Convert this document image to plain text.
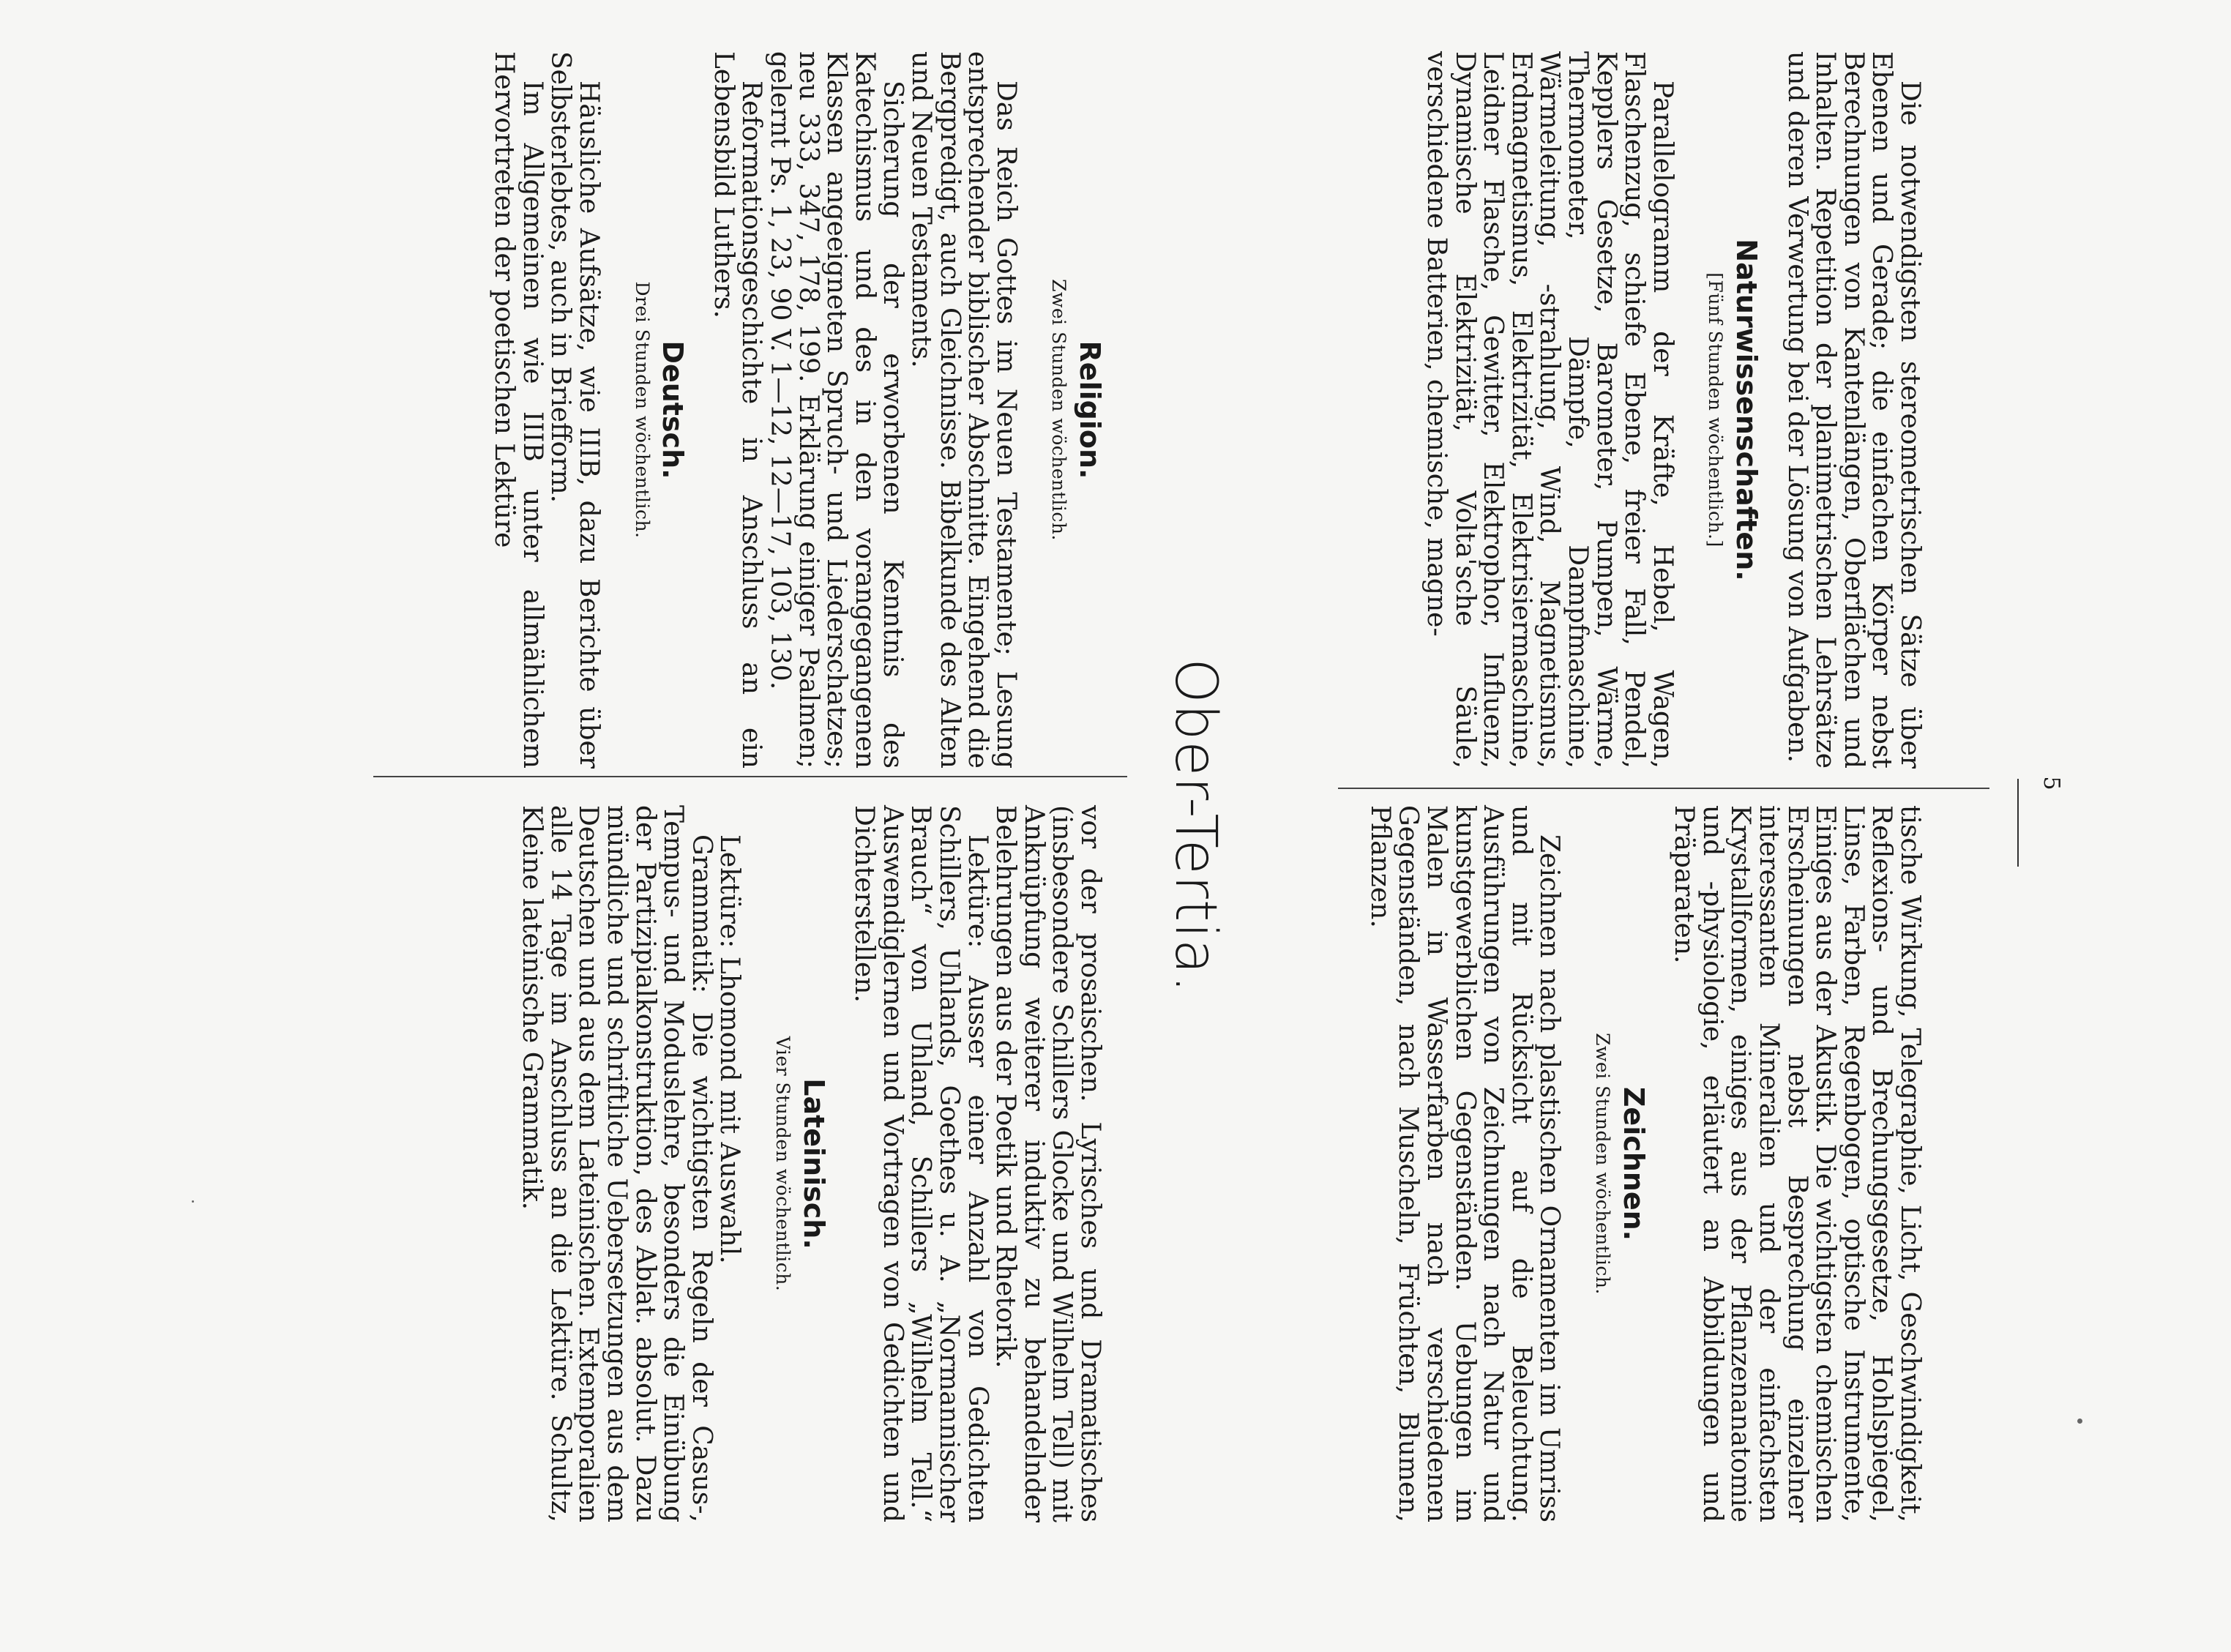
5

Die notwendigsten stereometrischen Sätze über Ebenen und Gerade; die einfachen Körper nebst Berechnungen von Kantenlängen, Oberflächen und Inhalten. Repetition der planimetrischen Lehrsätze und deren Verwertung bei der Lösung von Aufgaben.

Naturwissenschaften.
[Fünf Stunden wöchentlich.]

Parallelogramm der Kräfte, Hebel, Wagen, Flaschenzug, schiefe Ebene, freier Fall, Pendel, Kepplers Gesetze, Barometer, Pumpen, Wärme, Thermometer, Dämpfe, Dampfmaschine, Wärmeleitung, -strahlung, Wind, Magnetismus, Erdmagnetismus, Elektrizität, Elektrisiermaschine, Leidner Flasche, Gewitter, Elektrophor, Influenz, Dynamische Elektrizität, Volta'sche Säule, verschiedene Batterien, chemische, magne-

tische Wirkung, Telegraphie, Licht, Geschwindigkeit, Reflexions- und Brechungsgesetze, Hohlspiegel, Linse, Farben, Regenbogen, optische Instrumente, Einiges aus der Akustik. Die wichtigsten chemischen Erscheinungen nebst Besprechung einzelner interessanten Mineralien und der einfachsten Krystallformen, einiges aus der Pflanzenanatomie und -physiologie, erläutert an Abbildungen und Präparaten.

Zeichnen.
Zwei Stunden wöchentlich.

Zeichnen nach plastischen Ornamenten im Umriss und mit Rücksicht auf die Beleuchtung. Ausführungen von Zeichnungen nach Natur und kunstgewerblichen Gegenständen. Uebungen im Malen in Wasserfarben nach verschiedenen Gegenständen, nach Muscheln, Früchten, Blumen, Pflanzen.

Ober-Tertia.
Religion.
Zwei Stunden wöchentlich.

Das Reich Gottes im Neuen Testamente; Lesung entsprechender biblischer Abschnitte. Eingehend die Bergpredigt, auch Gleichnisse. Bibelkunde des Alten und Neuen Testaments.

Sicherung der erworbenen Kenntnis des Katechismus und des in den vorangegangenen Klassen angeeigneten Spruch- und Liederschatzes; neu 333, 347, 178, 199. Erklärung einiger Psalmen; gelernt Ps. 1, 23, 90 V. 1—12, 12—17, 103, 130.

Reformationsgeschichte in Anschluss an ein Lebensbild Luthers.

Deutsch.
Drei Stunden wöchentlich.

Häusliche Aufsätze, wie IIIB, dazu Berichte über Selbsterlebtes, auch in Briefform.

Im Allgemeinen wie IIIB unter allmählichem Hervortreten der poetischen Lektüre

vor der prosaischen. Lyrisches und Dramatisches (insbesondere Schillers Glocke und Wilhelm Tell) mit Anknüpfung weiterer induktiv zu behandelnder Belehrungen aus der Poetik und Rhetorik.

Lektüre: Ausser einer Anzahl von Gedichten Schillers, Uhlands, Goethes u. A. „Normannischer Brauch“ von Uhland, Schillers „Wilhelm Tell.“ Auswendiglernen und Vortragen von Gedichten und Dichterstellen.

Lateinisch.
Vier Stunden wöchentlich.

Lektüre: Lhomond mit Auswahl.

Grammatik: Die wichtigsten Regeln der Casus-, Tempus- und Moduslehre, besonders die Einübung der Partizipialkonstruktion, des Ablat. absolut. Dazu mündliche und schriftliche Uebersetzungen aus dem Deutschen und aus dem Lateinischen. Extemporalien alle 14 Tage im Anschluss an die Lektüre. Schultz, Kleine lateinische Grammatik.
